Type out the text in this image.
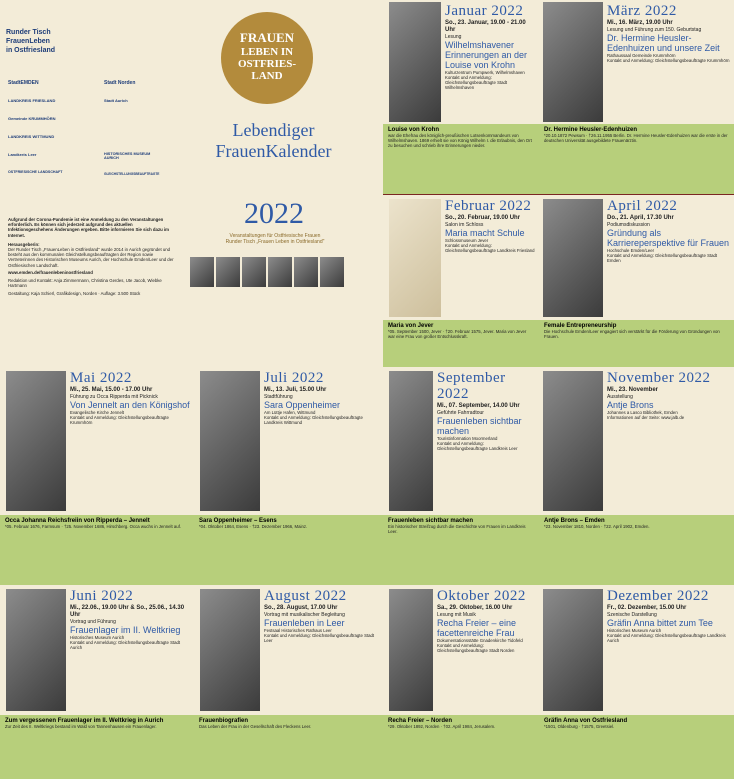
Runder Tisch
FrauenLeben
in Ostfriesland
StadtEMDEN
LANDKREIS FRIESLAND
Gemeinde KRUMMHÖRN
LANDKREIS WITTMUND
Landkreis Leer
OSTFRIESISCHE LANDSCHAFT
Stadt Norden
Stadt Aurich
HISTORISCHES MUSEUM AURICH
GLEICHSTELLUNGSBEAUFTRAGTE
FRAUEN
LEBEN IN
OSTFRIES-
LAND
Lebendiger
FrauenKalender
2022
Veranstaltungen für Ostfriesische Frauen
Runder Tisch „Frauen Leben in Ostfriesland"
Aufgrund der Corona-Pandemie ist eine Anmeldung zu den Veranstaltungen erforderlich. Es können sich jederzeit aufgrund des aktuellen Infektionsgeschehens Änderungen ergeben. Bitte informieren Sie sich dazu im Internet.
Herausgeberin:
Der Runder Tisch „FrauenLeben in Ostfriesland" wurde 2014 in Aurich gegründet und besteht aus den kommunalen Gleichstellungsbeauftragten der Region sowie Vertreterinnen des Historischen Museums Aurich, der Hochschule Emden/Leer und der Ostfriesischen Landschaft.
www.emden.de/frauenlebeninostfriesland
Redaktion und Kontakt: Anja Zimmermann, Christina Gerdes, Ute Jacob, Wiebke Hartmann
Gestaltung: Kaja Schierl, Grafikdesign, Norden · Auflage: 3.500 Stück
Januar 2022
So., 23. Januar, 19.00 - 21.00 Uhr
Lesung
Wilhelmshavener Erinnerungen an der Louise von Krohn
Kulturzentrum Pumpwerk, Wilhelmshaven
Kontakt und Anmeldung: Gleichstellungsbeauftragte Stadt Wilhelmshaven
Louise von Krohn
war die Ehefrau des königlich-preußischen Lotsenkommandeurs von Wilhelmshaven. 1869 erhielt sie von König Wilhelm I. die Erlaubnis, den Ort zu besuchen und schrieb ihre Erinnerungen nieder.
März 2022
Mi., 16. März, 19.00 Uhr
Lesung und Führung zum 150. Geburtstag
Dr. Hermine Heusler-Edenhuizen und unsere Zeit
Rathaussaal Gemeinde Krummhörn
Kontakt und Anmeldung: Gleichstellungsbeauftragte Krummhörn
Dr. Hermine Heusler-Edenhuizen
*20.10.1872 Pewsum · †26.11.1955 Berlin. Dr. Hermine Heusler-Edenhuizen war die erste in der deutschen Universität ausgebildete Frauenärztin.
Februar 2022
So., 20. Februar, 19.00 Uhr
Salon im Schloss
Maria macht Schule
Schlossmuseum Jever
Kontakt und Anmeldung: Gleichstellungsbeauftragte Landkreis Friesland
Maria von Jever
*05. September 1500, Jever · †20. Februar 1575, Jever. Maria von Jever war eine Frau von großer Entschlusskraft.
April 2022
Do., 21. April, 17.30 Uhr
Podiumsdiskussion
Gründung als Karriereperspektive für Frauen
Hochschule Emden/Leer
Kontakt und Anmeldung: Gleichstellungsbeauftragte Stadt Emden
Female Entrepreneurship
Die Hochschule Emden/Leer engagiert sich verstärkt für die Förderung von Gründungen von Frauen.
Mai 2022
Mi., 25. Mai, 15.00 - 17.00 Uhr
Führung zu Occa Ripperda mit Picknick
Von Jennelt an den Königshof
Evangelische Kirche Jennelt
Kontakt und Anmeldung: Gleichstellungsbeauftragte Krummhörn
Occa Johanna Reichsfreiin von Ripperda – Jennelt
*05. Februar 1676, Farmsum · †25. November 1686, Hirschberg. Occa wuchs in Jennelt auf.
Juli 2022
Mi., 13. Juli, 15.00 Uhr
Stadtführung
Sara Oppenheimer
Am Lüttje Hafen, Wittmund
Kontakt und Anmeldung: Gleichstellungsbeauftragte Landkreis Wittmund
Sara Oppenheimer – Esens
*04. Oktober 1864, Esens · †23. Dezember 1966, Mainz.
September 2022
Mi., 07. September, 14.00 Uhr
Geführte Fahrradtour
Frauenleben sichtbar machen
Touristinformation Moormerland
Kontakt und Anmeldung: Gleichstellungsbeauftragte Landkreis Leer
Frauenleben sichtbar machen
Ein historischer Streifzug durch die Geschichte von Frauen im Landkreis Leer.
November 2022
Mi., 23. November
Ausstellung
Antje Brons
Johannes a Lasco Bibliothek, Emden
Informationen auf der Seite: www.jalb.de
Antje Brons – Emden
*23. November 1810, Norden · †22. April 1902, Emden.
Juni 2022
Mi., 22.06., 19.00 Uhr & So., 25.06., 14.30 Uhr
Vortrag und Führung
Frauenlager im II. Weltkrieg
Historisches Museum Aurich
Kontakt und Anmeldung: Gleichstellungsbeauftragte Stadt Aurich
Zum vergessenen Frauenlager im II. Weltkrieg in Aurich
Zur Zeit des II. Weltkriegs bestand im Wald von Tannenhausen ein Frauenlager.
August 2022
So., 28. August, 17.00 Uhr
Vortrag mit musikalischer Begleitung
Frauenleben in Leer
Festsaal Historisches Rathaus Leer
Kontakt und Anmeldung: Gleichstellungsbeauftragte Stadt Leer
Frauenbiografien
Das Leben der Frau in der Gesellschaft des Fleckens Leer.
Oktober 2022
Sa., 29. Oktober, 16.00 Uhr
Lesung mit Musik
Recha Freier – eine facettenreiche Frau
Dokumentationsstätte Gnadenkirche Tidofeld
Kontakt und Anmeldung: Gleichstellungsbeauftragte Stadt Norden
Recha Freier – Norden
*29. Oktober 1892, Norden · †02. April 1984, Jerusalem.
Dezember 2022
Fr., 02. Dezember, 15.00 Uhr
Szenische Darstellung
Gräfin Anna bittet zum Tee
Historisches Museum Aurich
Kontakt und Anmeldung: Gleichstellungsbeauftragte Landkreis Aurich
Gräfin Anna von Ostfriesland
*1501, Oldenburg · †1575, Greetsiel.
